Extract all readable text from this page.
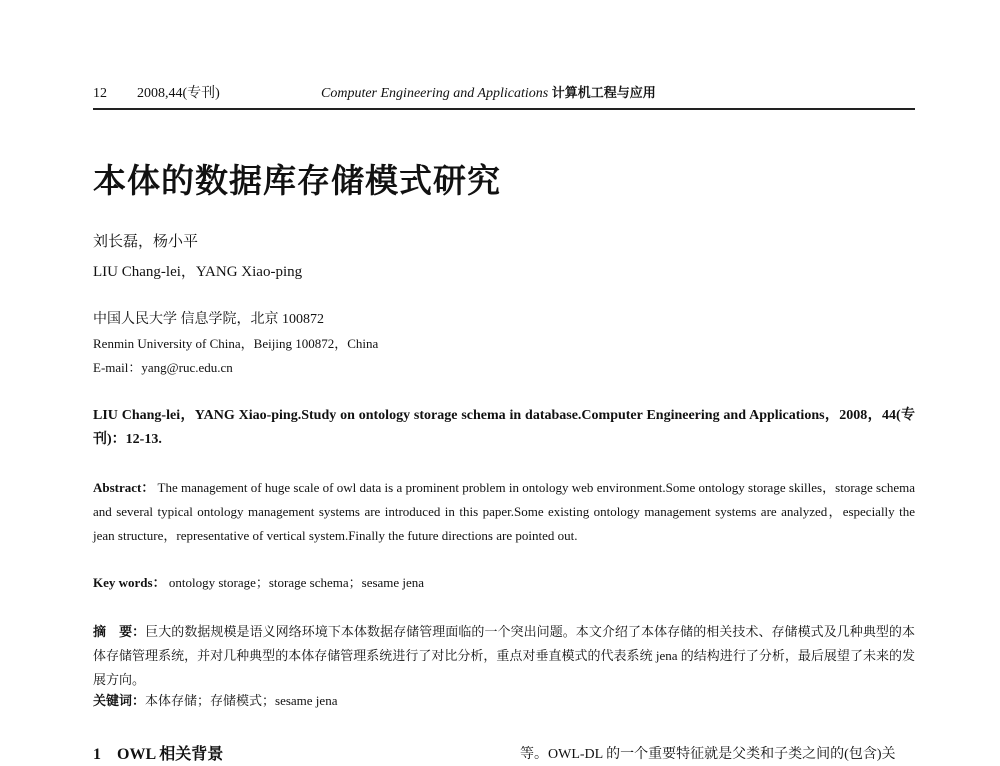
12 2008,44(专刊)	Computer Engineering and Applications 计算机工程与应用
本体的数据库存储模式研究
刘长磊，杨小平
LIU Chang-lei，YANG Xiao-ping
中国人民大学 信息学院，北京 100872
Renmin University of China，Beijing 100872，China
E-mail：yang@ruc.edu.cn
LIU Chang-lei，YANG Xiao-ping.Study on ontology storage schema in database.Computer Engineering and Applications，2008，44(专刊)：12-13.
Abstract： The management of huge scale of owl data is a prominent problem in ontology web environment.Some ontology storage skilles，storage schema and several typical ontology management systems are introduced in this paper.Some existing ontology management systems are analyzed，especially the jean structure，representative of vertical system.Finally the future directions are pointed out.
Key words： ontology storage；storage schema；sesame jena
摘　要：巨大的数据规模是语义网络环境下本体数据存储管理面临的一个突出问题。本文介绍了本体存储的相关技术、存储模式及几种典型的本体存储管理系统，并对几种典型的本体存储管理系统进行了对比分析，重点对垂直模式的代表系统 jena 的结构进行了分析，最后展望了未来的发展方向。
关键词：本体存储；存储模式；sesame jena
1　OWL 相关背景	等。OWL-DL 的一个重要特征就是父类和子类之间的(包含)关
